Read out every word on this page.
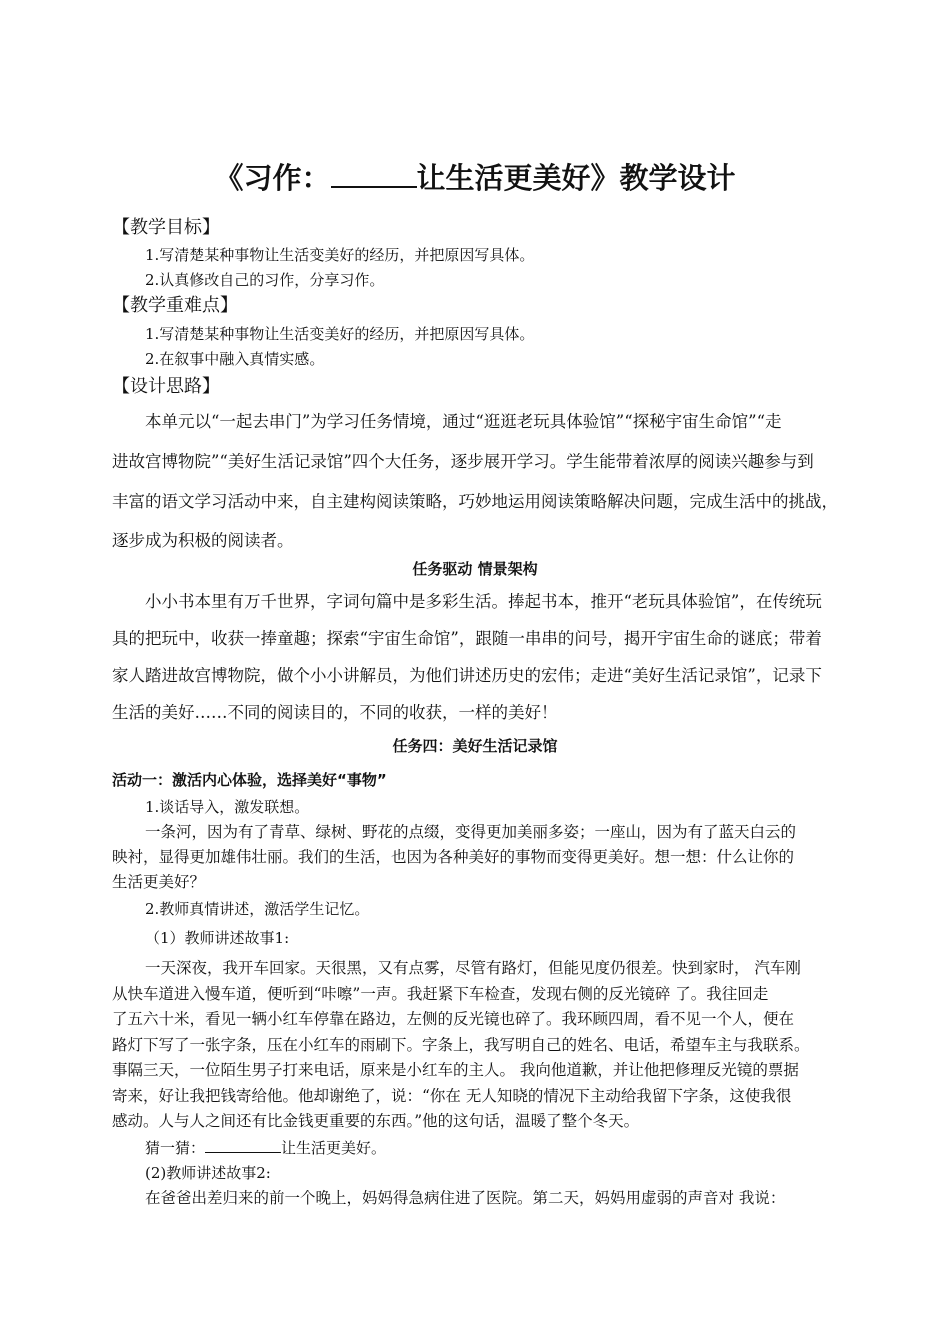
《习作：	让生活更美好》教学设计
【教学目标】
1.写清楚某种事物让生活变美好的经历，并把原因写具体。
2.认真修改自己的习作，分享习作。
【教学重难点】
1.写清楚某种事物让生活变美好的经历，并把原因写具体。
2.在叙事中融入真情实感。
【设计思路】
本单元以“一起去串门”为学习任务情境，通过“逛逛老玩具体验馆”“探秘宇宙生命馆”“走
进故宫博物院”“美好生活记录馆”四个大任务，逐步展开学习。学生能带着浓厚的阅读兴趣参与到
丰富的语文学习活动中来，自主建构阅读策略，巧妙地运用阅读策略解决问题，完成生活中的挑战，
逐步成为积极的阅读者。
任务驱动 情景架构
小小书本里有万千世界，字词句篇中是多彩生活。捧起书本，推开“老玩具体验馆”，在传统玩
具的把玩中，收获一捧童趣；探索“宇宙生命馆”，跟随一串串的问号，揭开宇宙生命的谜底；带着
家人踏进故宫博物院，做个小小讲解员，为他们讲述历史的宏伟；走进“美好生活记录馆”，记录下
生活的美好……不同的阅读目的，不同的收获，一样的美好！
任务四：美好生活记录馆
活动一：激活内心体验，选择美好“事物”
1.谈话导入，激发联想。
一条河，因为有了青草、绿树、野花的点缀，变得更加美丽多姿；一座山，因为有了蓝天白云的
映衬，显得更加雄伟壮丽。我们的生活，也因为各种美好的事物而变得更美好。想一想：什么让你的
生活更美好？
2.教师真情讲述，激活学生记忆。
（1）教师讲述故事1:
一天深夜，我开车回家。天很黑，又有点雾，尽管有路灯，但能见度仍很差。快到家时， 汽车刚
从快车道进入慢车道，便听到“咔嚓”一声。我赶紧下车检查，发现右侧的反光镜碎 了。我往回走
了五六十米，看见一辆小红车停靠在路边，左侧的反光镜也碎了。我环顾四周，看不见一个人，便在
路灯下写了一张字条，压在小红车的雨刷下。字条上，我写明自己的姓名、电话，希望车主与我联系。
事隔三天，一位陌生男子打来电话，原来是小红车的主人。 我向他道歉，并让他把修理反光镜的票据
寄来，好让我把钱寄给他。他却谢绝了，说：“你在 无人知晓的情况下主动给我留下字条，这使我很
感动。人与人之间还有比金钱更重要的东西。”他的这句话，温暖了整个冬天。
猜一猜：	让生活更美好。
(2)教师讲述故事2:
在爸爸出差归来的前一个晚上，妈妈得急病住进了医院。第二天，妈妈用虚弱的声音对 我说：
